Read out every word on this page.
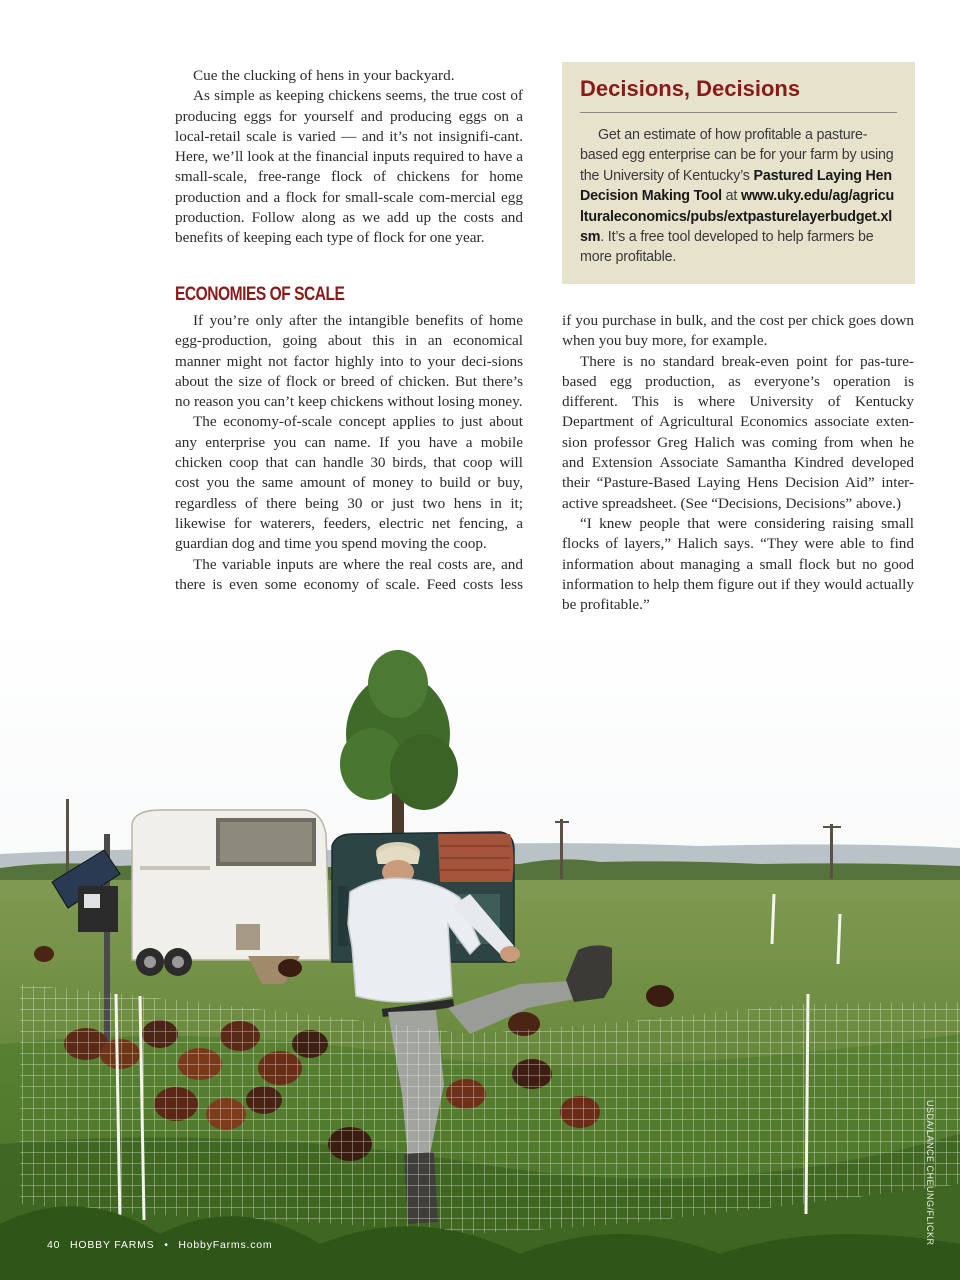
Cue the clucking of hens in your backyard.

As simple as keeping chickens seems, the true cost of producing eggs for yourself and producing eggs on a local-retail scale is varied — and it’s not insignifi-cant. Here, we’ll look at the financial inputs required to have a small-scale, free-range flock of chickens for home production and a flock for small-scale com-mercial egg production. Follow along as we add up the costs and benefits of keeping each type of flock for one year.

Decisions, Decisions

Get an estimate of how profitable a pasture-based egg enterprise can be for your farm by using the University of Kentucky’s Pastured Laying Hen Decision Making Tool at www.uky.edu/ag/agriculturaleconomics/pubs/extpasturelayerbudget.xlsm. It’s a free tool developed to help farmers be more profitable.

ECONOMIES OF SCALE

If you’re only after the intangible benefits of home egg-production, going about this in an economical manner might not factor highly into to your deci-sions about the size of flock or breed of chicken. But there’s no reason you can’t keep chickens without losing money.

The economy-of-scale concept applies to just about any enterprise you can name. If you have a mobile chicken coop that can handle 30 birds, that coop will cost you the same amount of money to build or buy, regardless of there being 30 or just two hens in it; likewise for waterers, feeders, electric net fencing, a guardian dog and time you spend moving the coop.

The variable inputs are where the real costs are, and there is even some economy of scale. Feed costs less

if you purchase in bulk, and the cost per chick goes down when you buy more, for example.

There is no standard break-even point for pas-ture-based egg production, as everyone’s operation is different. This is where University of Kentucky Department of Agricultural Economics associate exten-sion professor Greg Halich was coming from when he and Extension Associate Samantha Kindred developed their “Pasture-Based Laying Hens Decision Aid” inter-active spreadsheet. (See “Decisions, Decisions” above.)

“I knew people that were considering raising small flocks of layers,” Halich says. “They were able to find information about managing a small flock but no good information to help them figure out if they would actually be profitable.”

USDA/LANCE CHEUNG/FLICKR
40 HOBBY FARMS • HobbyFarms.com
